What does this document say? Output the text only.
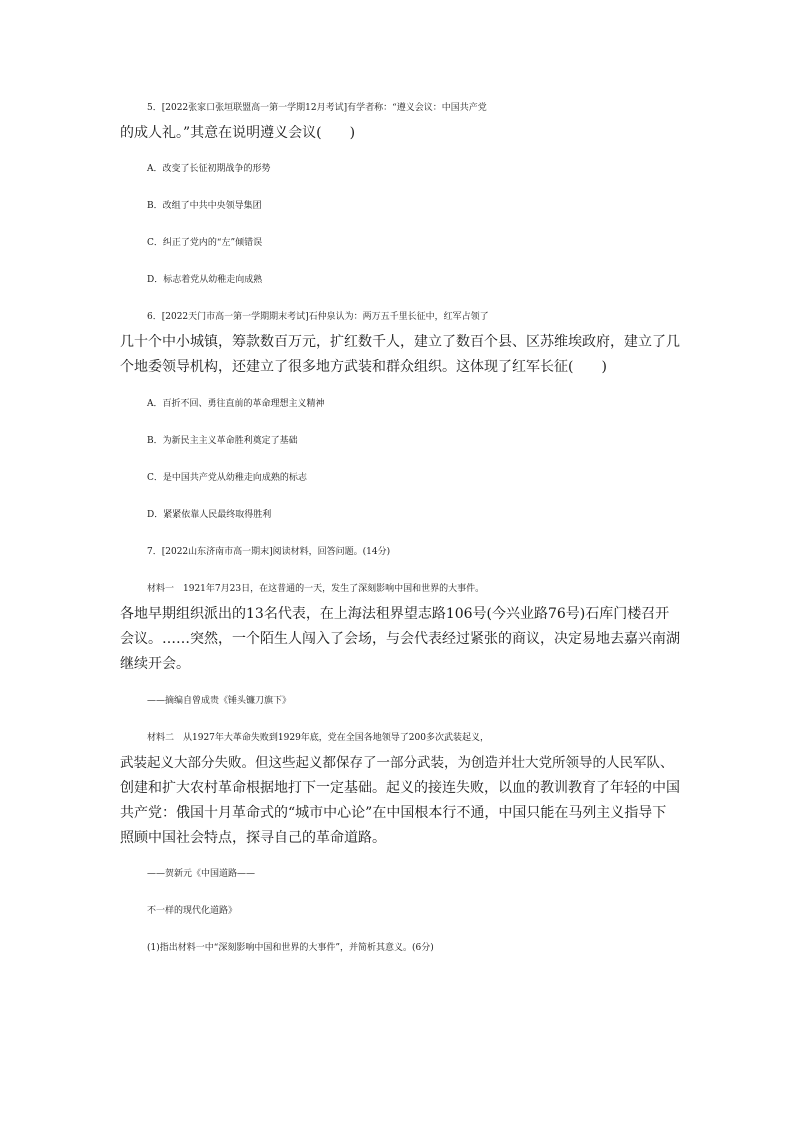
5．[2022张家口张垣联盟高一第一学期12月考试]有学者称：“遵义会议：中国共产党
的成人礼。”其意在说明遵义会议(　　)
A．改变了长征初期战争的形势
B．改组了中共中央领导集团
C．纠正了党内的“左”倾错误
D．标志着党从幼稚走向成熟
6．[2022天门市高一第一学期期末考试]石仲泉认为：两万五千里长征中，红军占领了
几十个中小城镇，筹款数百万元，扩红数千人，建立了数百个县、区苏维埃政府，建立了几
个地委领导机构，还建立了很多地方武装和群众组织。这体现了红军长征(　　)
A．百折不回、勇往直前的革命理想主义精神
B．为新民主主义革命胜利奠定了基础
C．是中国共产党从幼稚走向成熟的标志
D．紧紧依靠人民最终取得胜利
7．[2022山东济南市高一期末]阅读材料，回答问题。(14分)
材料一　1921年7月23日，在这普通的一天，发生了深刻影响中国和世界的大事件。
各地早期组织派出的13名代表，在上海法租界望志路106号(今兴业路76号)石库门楼召开
会议。……突然，一个陌生人闯入了会场，与会代表经过紧张的商议，决定易地去嘉兴南湖
继续开会。
——摘编自曾成贵《锤头镰刀旗下》
材料二　从1927年大革命失败到1929年底，党在全国各地领导了200多次武装起义，
武装起义大部分失败。但这些起义都保存了一部分武装，为创造并壮大党所领导的人民军队、
创建和扩大农村革命根据地打下一定基础。起义的接连失败，以血的教训教育了年轻的中国
共产党：俄国十月革命式的“城市中心论”在中国根本行不通，中国只能在马列主义指导下
照顾中国社会特点，探寻自己的革命道路。
——贺新元《中国道路——
不一样的现代化道路》
(1)指出材料一中“深刻影响中国和世界的大事件”，并简析其意义。(6分)
